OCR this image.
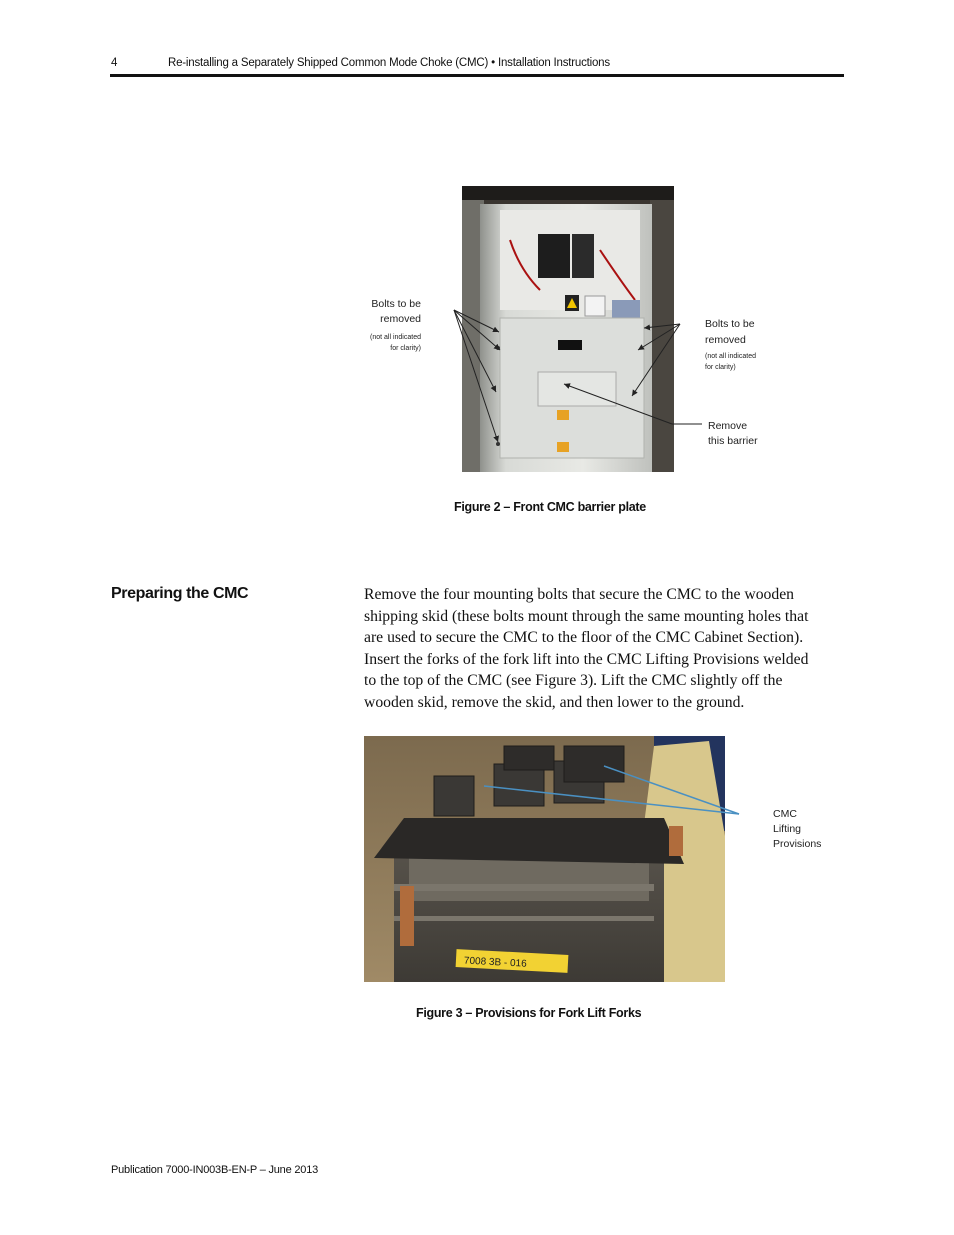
4	Re-installing a Separately Shipped Common Mode Choke (CMC) • Installation Instructions
Bolts to be
removed
(not all indicated
for clarity)
Bolts to be
removed
(not all indicated
for clarity)
Remove
this barrier
Figure 2 – Front CMC barrier plate
Preparing the CMC	Remove the four mounting bolts that secure the CMC to the wooden
shipping skid (these bolts mount through the same mounting holes that
are used to secure the CMC to the floor of the CMC Cabinet Section).
Insert the forks of the fork lift into the CMC Lifting Provisions welded
to the top of the CMC (see Figure 3). Lift the CMC slightly off the
wooden skid, remove the skid, and then lower to the ground.
7008 3B - 016
CMC
Lifting
Provisions
Figure 3 – Provisions for Fork Lift Forks
Publication 7000-IN003B-EN-P – June 2013
